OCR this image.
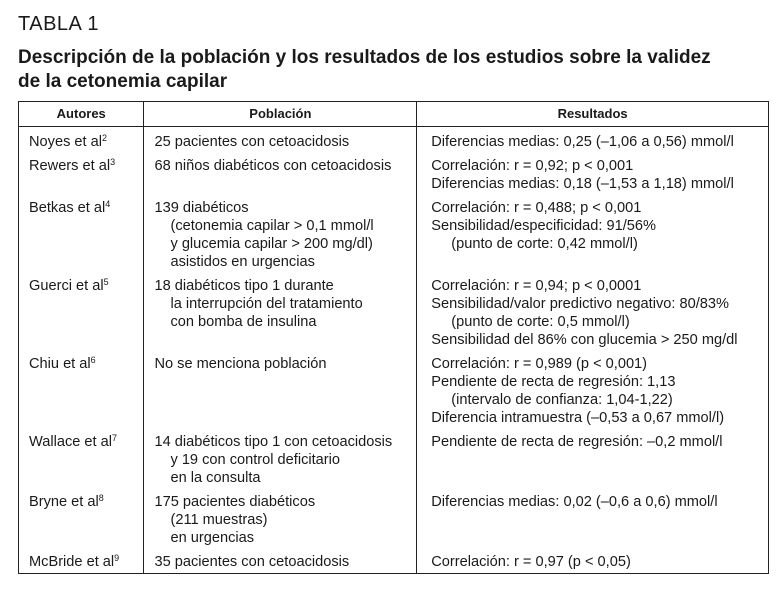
TABLA 1
Descripción de la población y los resultados de los estudios sobre la validez
de la cetonemia capilar
Autores	Población	Resultados
Noyes et $al^2$	25 pacientes con cetoacidosis	Diferencias medias: 0,25 (–1,06 a 0,56) mmol/l

Rewers et $al^3$	68 niños diabéticos con cetoacidosis	Correlación: r = 0,92; p < 0,001
Diferencias medias: 0,18 (–1,53 a 1,18) mmol/l

Betkas et $al^4$	139 diabéticos
(cetonemia capilar > 0,1 mmol/l
y glucemia capilar > 200 mg/dl)
asistidos en urgencias	Correlación: r = 0,488; p < 0,001
Sensibilidad/especificidad: 91/56%
(punto de corte: 0,42 mmol/l)

Guerci et $al^5$	18 diabéticos tipo 1 durante
la interrupción del tratamiento
con bomba de insulina	Correlación: r = 0,94; p < 0,0001
Sensibilidad/valor predictivo negativo: 80/83%
(punto de corte: 0,5 mmol/l)
Sensibilidad del 86% con glucemia > 250 mg/dl

Chiu et $al^6$	No se menciona población	Correlación: r = 0,989 (p < 0,001)
Pendiente de recta de regresión: 1,13
(intervalo de confianza: 1,04-1,22)
Diferencia intramuestra (–0,53 a 0,67 mmol/l)

Wallace et $al^7$	14 diabéticos tipo 1 con cetoacidosis
y 19 con control deficitario
en la consulta	Pendiente de recta de regresión: –0,2 mmol/l

Bryne et $al^8$	175 pacientes diabéticos
(211 muestras)
en urgencias	Diferencias medias: 0,02 (–0,6 a 0,6) mmol/l

McBride et $al^9$	35 pacientes con cetoacidosis	Correlación: r = 0,97 (p < 0,05)
